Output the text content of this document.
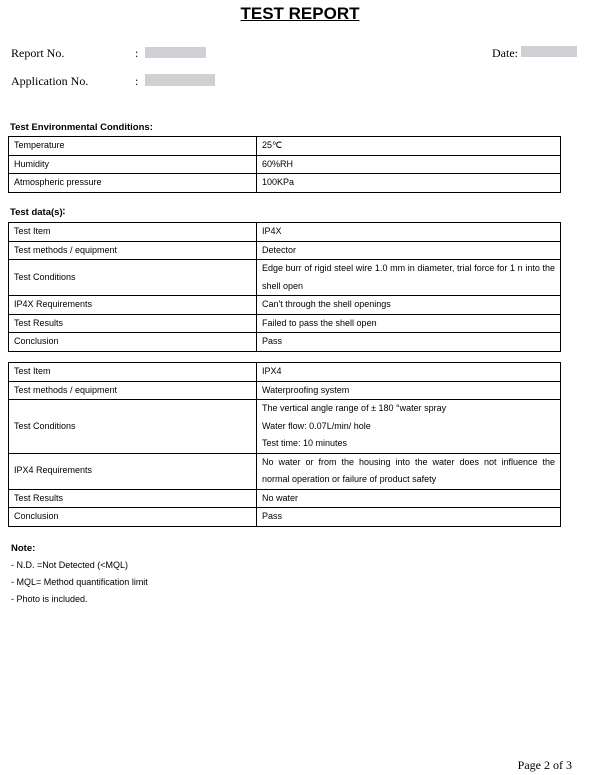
TEST REPORT
Report No.	:
Application No.	:
Date:
Test Environmental Conditions:
Temperature	25℃
Humidity	60%RH
Atmospheric pressure	100KPa
Test data(s)∶
Test Item	IP4X
Test methods / equipment	Detector
Test Conditions	Edge burr of rigid steel wire 1.0 mm in diameter, trial force for 1 n into the shell open
IP4X Requirements	Can't through the shell openings
Test Results	Failed to pass the shell open
Conclusion	Pass
Test Item	IPX4
Test methods / equipment	Waterproofing system
Test Conditions	The vertical angle range of ± 180 °water spray
Water flow: 0.07L/min/ hole
Test time: 10 minutes

IPX4 Requirements	No water or from the housing into the water does not influence the normal operation or failure of product safety
Test Results	No water
Conclusion	Pass
Note:
- N.D. =Not Detected (<MQL)
- MQL= Method quantification limit
- Photo is included.
Page 2 of 3
